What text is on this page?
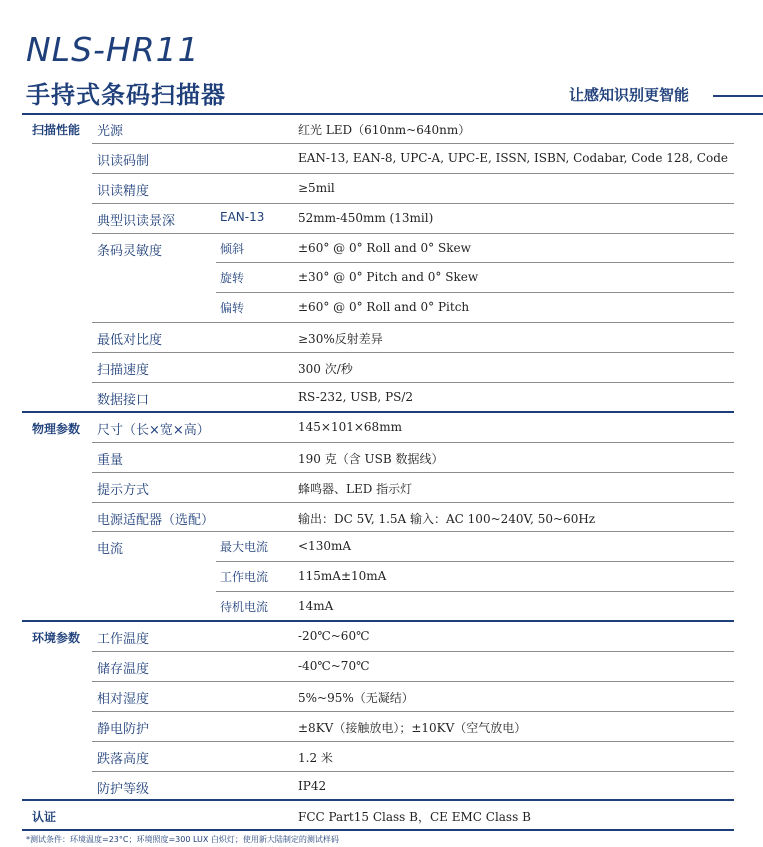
NLS-HR11
手持式条码扫描器	让感知识别更智能
扫描性能 光源	红光 LED（610nm~640nm）
识读码制	EAN-13, EAN-8, UPC-A, UPC-E, ISSN, ISBN, Codabar, Code 128, Code
识读精度	≥5mil
典型识读景深	EAN-13	52mm-450mm (13mil)
条码灵敏度	倾斜	±60° @ 0° Roll and 0° Skew
旋转	±30° @ 0° Pitch and 0° Skew
偏转	±60° @ 0° Roll and 0° Pitch
最低对比度	≥30%反射差异
扫描速度	300 次/秒
数据接口	RS-232, USB, PS/2
物理参数 尺寸（长×宽×高）	145×101×68mm
重量	190 克（含 USB 数据线）
提示方式	蜂鸣器、LED 指示灯
电源适配器（选配）	输出：DC 5V, 1.5A 输入：AC 100~240V, 50~60Hz
电流	最大电流 <130mA
工作电流 115mA±10mA
待机电流 14mA
环境参数 工作温度	-20℃~60℃
储存温度	-40℃~70℃
相对湿度	5%~95%（无凝结）
静电防护	±8KV（接触放电）；±10KV（空气放电）
跌落高度	1.2 米
防护等级	IP42
认证	FCC Part15 Class B，CE EMC Class B
*测试条件：环境温度=23°C；环境照度=300 LUX 白炽灯；使用新大陆制定的测试样码
